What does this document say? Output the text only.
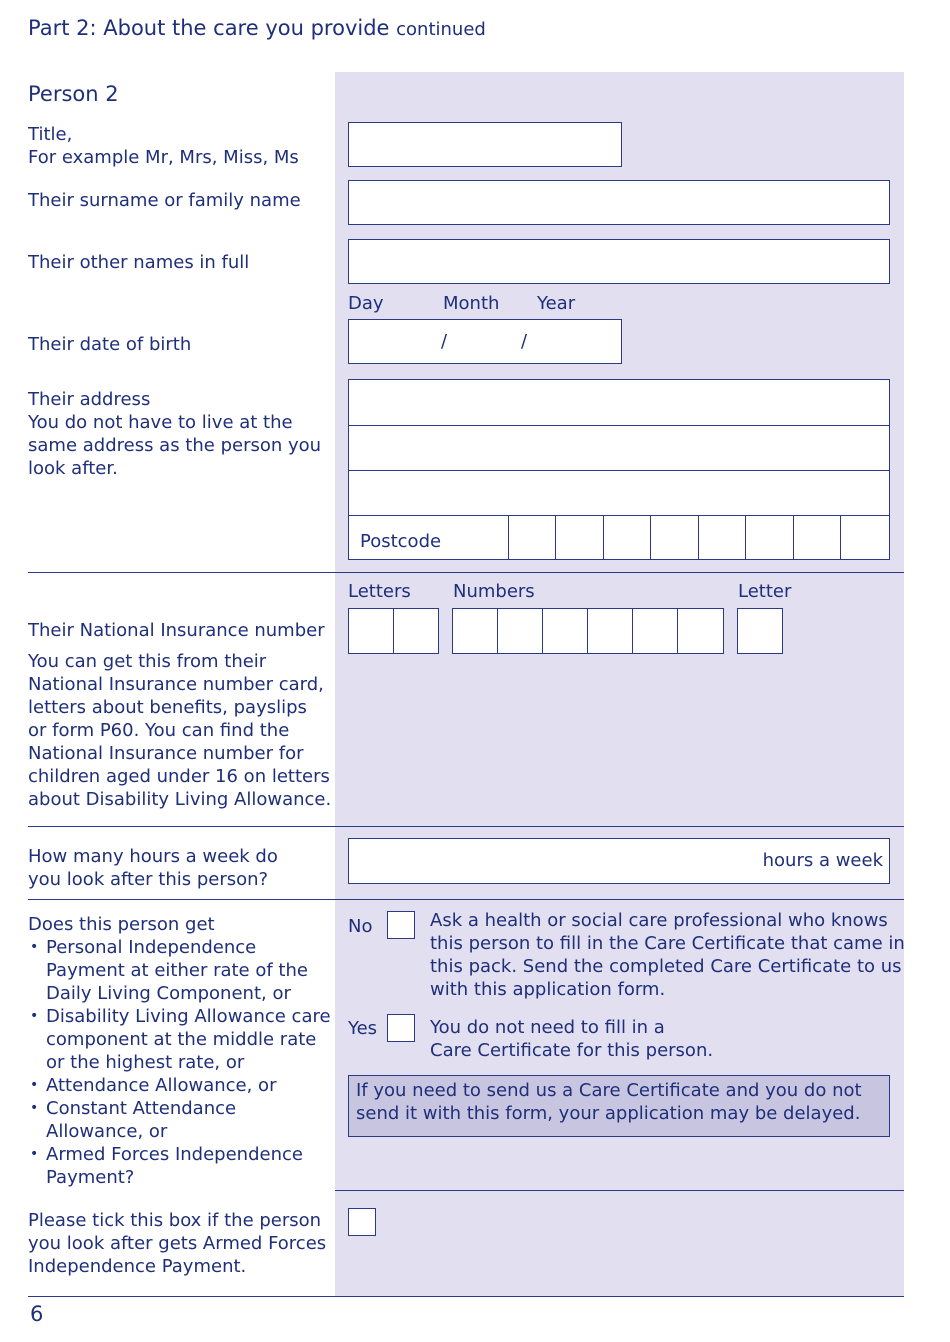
Part 2: About the care you provide continued
Person 2
Title,
For example Mr, Mrs, Miss, Ms
Their surname or family name
Their other names in full
Day	Month Year
Their date of birth	/	/
Their address
You do not have to live at the
same address as the person you
look after.
Postcode
Letters Numbers	Letter
Their National Insurance number
You can get this from their
National Insurance number card,
letters about benefits, payslips
or form P60. You can find the
National Insurance number for
children aged under 16 on letters
about Disability Living Allowance.
How many hours a week do
you look after this person?
hours a week
Does this person get
• Personal Independence
Payment at either rate of the
Daily Living Component, or
• Disability Living Allowance care
component at the middle rate
or the highest rate, or
• Attendance Allowance, or
• Constant Attendance
Allowance, or
• Armed Forces Independence
Payment?
No	Ask a health or social care professional who knows
this person to fill in the Care Certificate that came in
this pack. Send the completed Care Certificate to us
with this application form.
Yes	You do not need to fill in a
Care Certificate for this person.
If you need to send us a Care Certificate and you do not
send it with this form, your application may be delayed.
Please tick this box if the person
you look after gets Armed Forces
Independence Payment.
6
